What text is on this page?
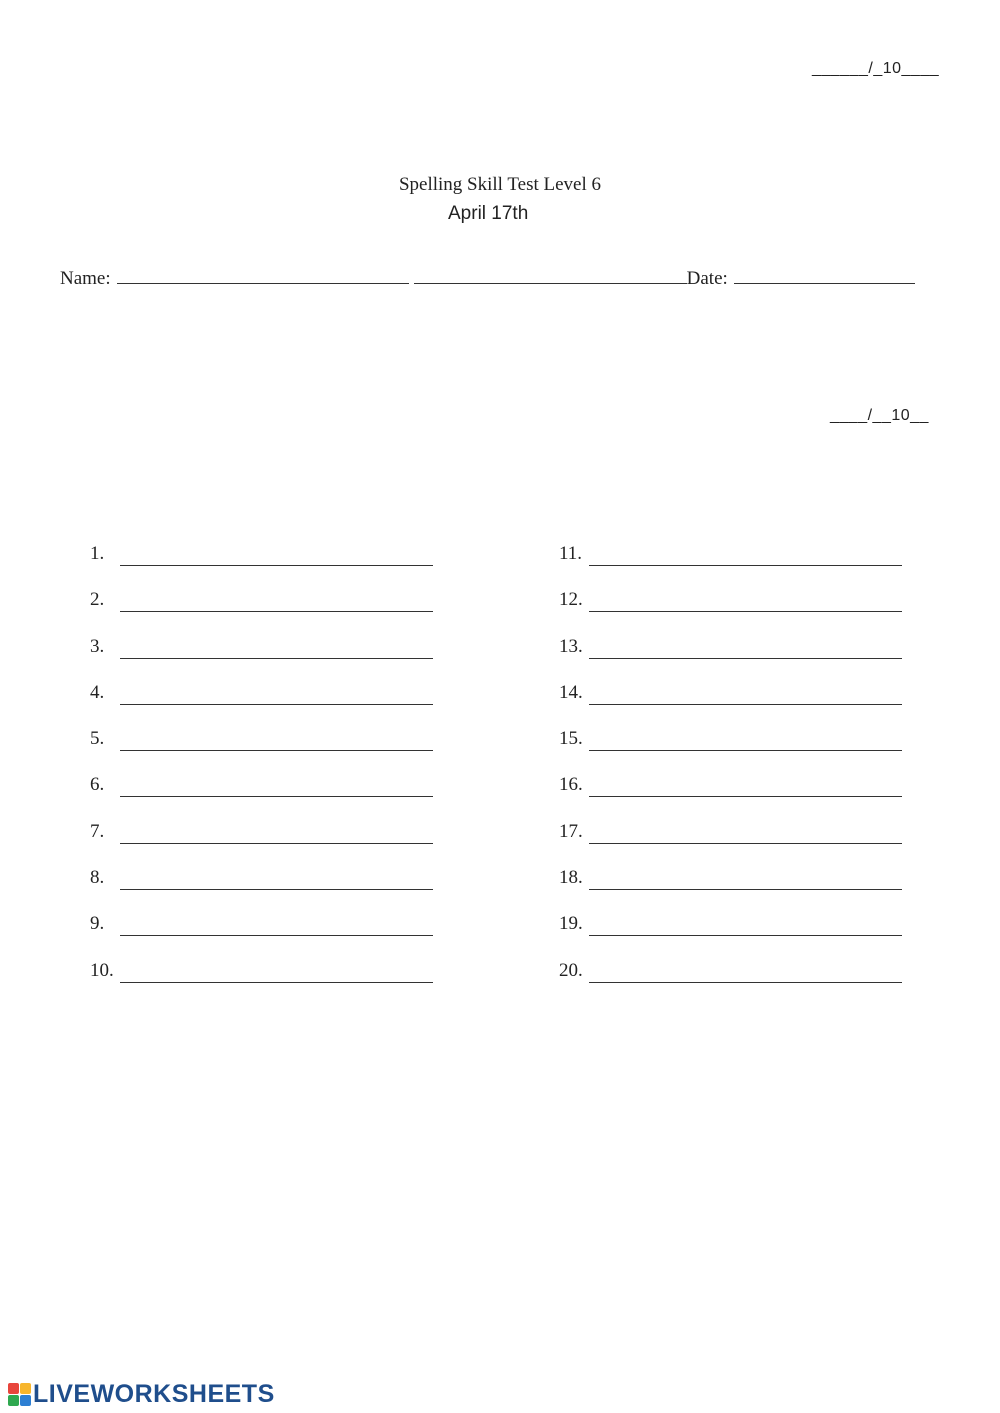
______/_10____
Spelling Skill Test Level 6
April 17th
Name:	Date:
____/__10__
1.
2.
3.
4.
5.
6.
7.
8.
9.
10.
11.
12.
13.
14.
15.
16.
17.
18.
19.
20.
LIVEWORKSHEETS
